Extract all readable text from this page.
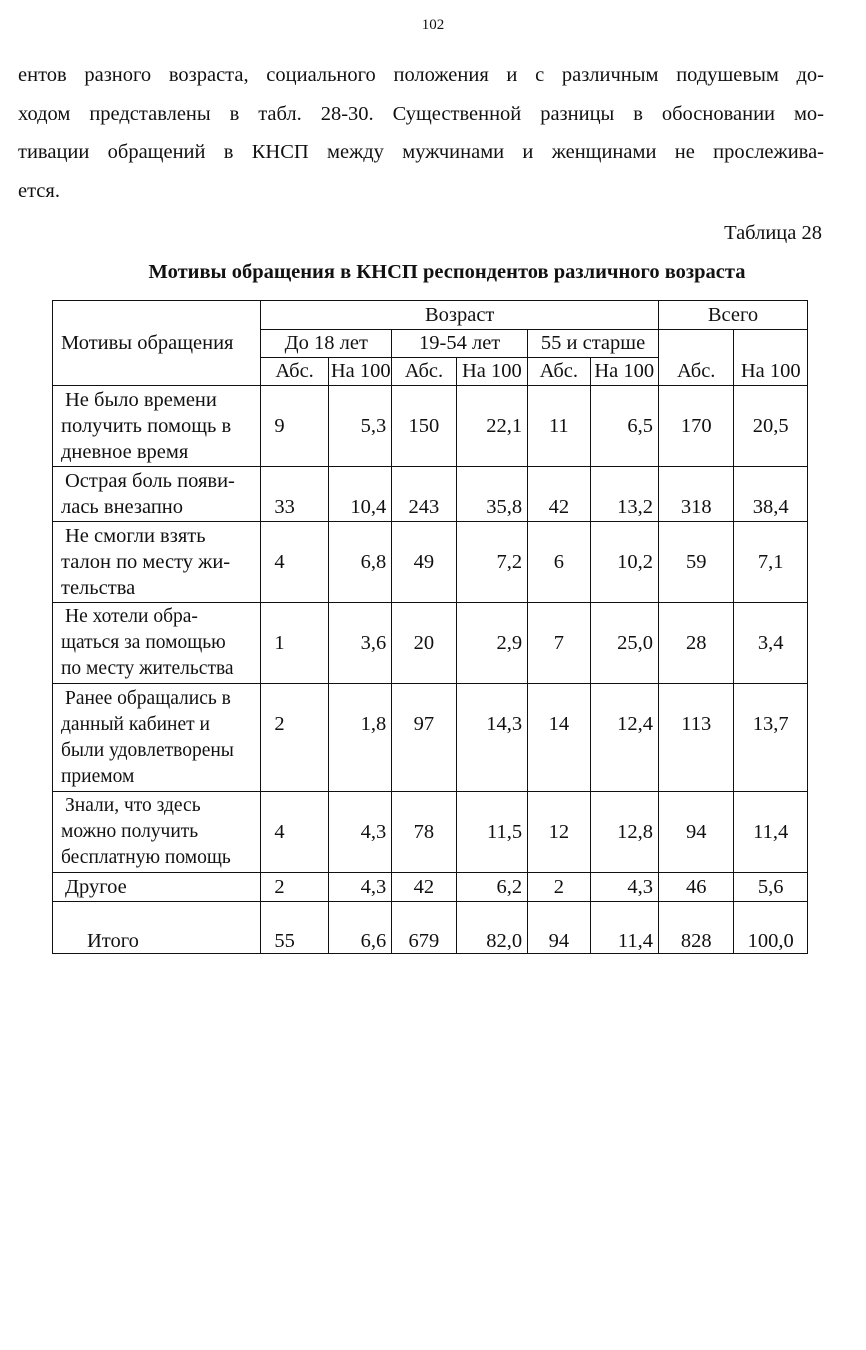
102
ентов разного возраста, социального положения и с различным подушевым до-
ходом представлены в табл. 28-30. Существенной разницы в обосновании мо-
тивации обращений в КНСП между мужчинами и женщинами не прослежива-
ется.
Таблица 28
Мотивы обращения в КНСП респондентов различного возраста
Мотивы обращения	Возраст						Всего	
	До 18 лет		19-54 лет		55 и старше		Абс.	На 100
	Абс.	На 100	Абс.	На 100	Абс.	На 100		

Не было времени
получить помощь в
дневное время	9	5,3	150	22,1	11	6,5	170	20,5

Острая боль появи-
лась внезапно	33	10,4	243	35,8	42	13,2	318	38,4

Не смогли взять
талон по месту жи-
тельства	4	6,8	49	7,2	6	10,2	59	7,1

Не хотели обра-
щаться за помощью
по месту жительства	1	3,6	20	2,9	7	25,0	28	3,4

Ранее обращались в
данный кабинет и
были удовлетворены
приемом	2	1,8	97	14,3	14	12,4	113	13,7

Знали, что здесь
можно получить
бесплатную помощь	4	4,3	78	11,5	12	12,8	94	11,4

Другое	2	4,3	42	6,2	2	4,3	46	5,6
Итого	55	6,6	679	82,0	94	11,4	828	100,0
